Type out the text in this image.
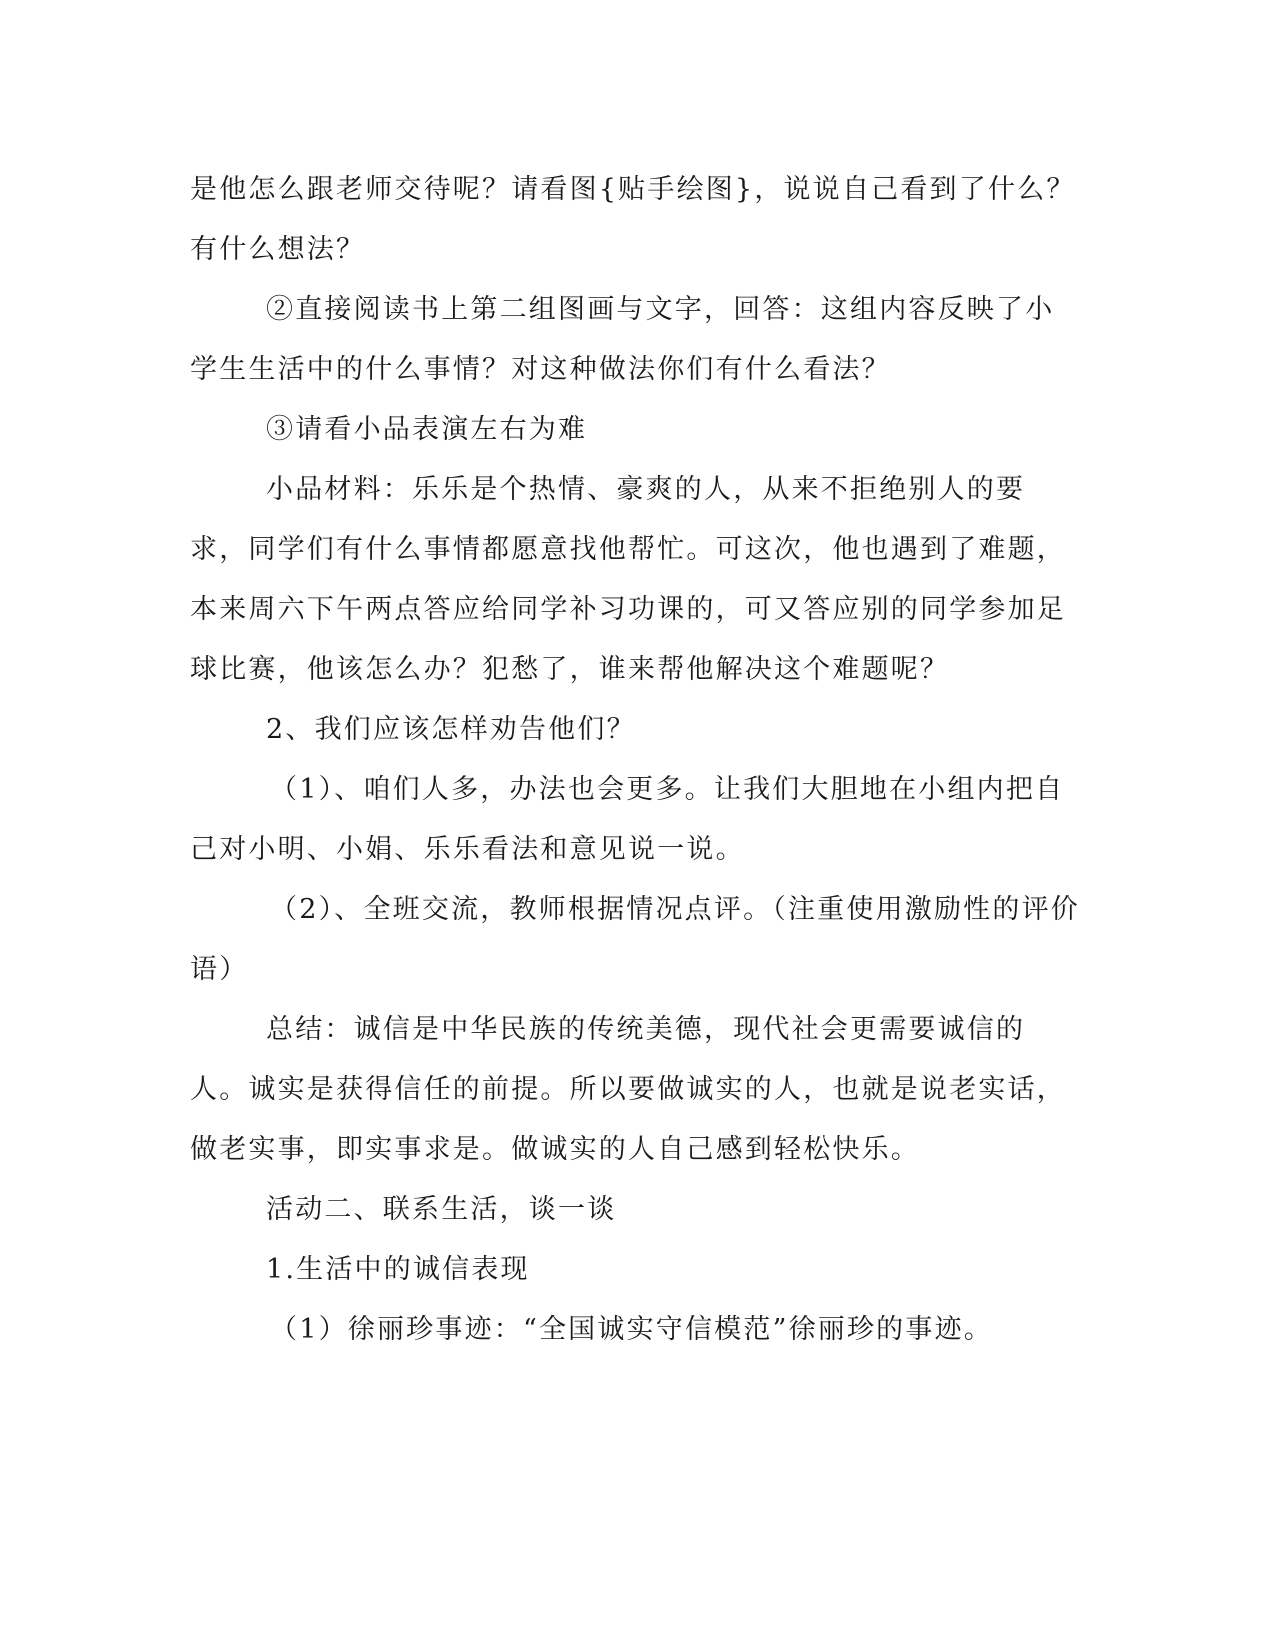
是他怎么跟老师交待呢？请看图{贴手绘图}，说说自己看到了什么？有什么想法？

②直接阅读书上第二组图画与文字，回答：这组内容反映了小学生生活中的什么事情？对这种做法你们有什么看法？

③请看小品表演左右为难

小品材料：乐乐是个热情、豪爽的人，从来不拒绝别人的要求，同学们有什么事情都愿意找他帮忙。可这次，他也遇到了难题，本来周六下午两点答应给同学补习功课的，可又答应别的同学参加足球比赛，他该怎么办？犯愁了，谁来帮他解决这个难题呢？

2、我们应该怎样劝告他们？

（1）、咱们人多，办法也会更多。让我们大胆地在小组内把自己对小明、小娟、乐乐看法和意见说一说。

（2）、全班交流，教师根据情况点评。（注重使用激励性的评价语）

总结：诚信是中华民族的传统美德，现代社会更需要诚信的人。诚实是获得信任的前提。所以要做诚实的人，也就是说老实话，做老实事，即实事求是。做诚实的人自己感到轻松快乐。

活动二、联系生活，谈一谈

1.生活中的诚信表现

（1）徐丽珍事迹：“全国诚实守信模范”徐丽珍的事迹。
